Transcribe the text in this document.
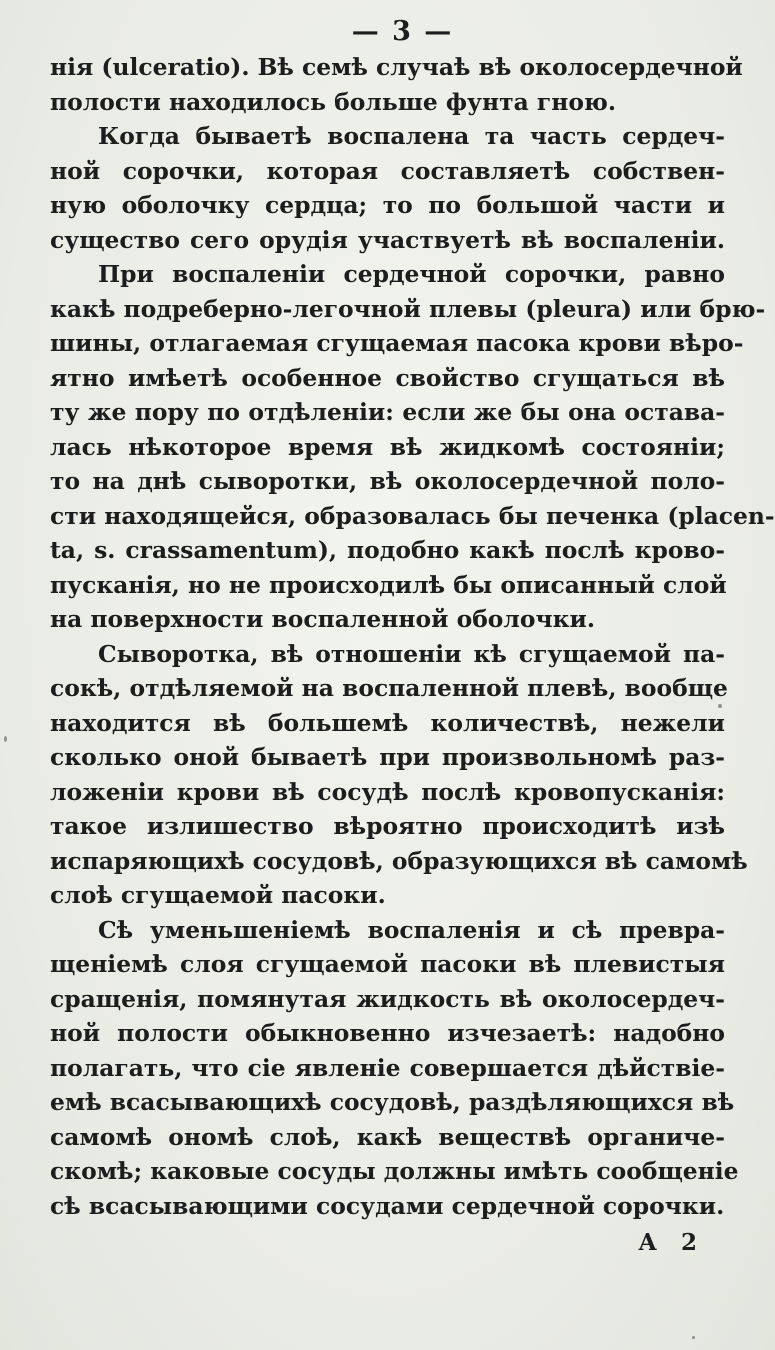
— 3 —
нія (ulceratio). Вѣ семѣ случаѣ вѣ околосердечной
полости находилось больше фунта гною.
Когда бываетѣ воспалена та часть сердеч-
ной сорочки, которая составляетѣ собствен-
ную оболочку сердца; то по большой части и
существо сего орудія участвуетѣ вѣ воспаленіи.
При воспаленіи сердечной сорочки, равно
какѣ подреберно-легочной плевы (pleura) или брю-
шины, отлагаемая сгущаемая пасока крови вѣро-
ятно имѣетѣ особенное свойство сгущаться вѣ
ту же пору по отдѣленіи: если же бы она оставa-
лась нѣкоторое время вѣ жидкомѣ состояніи;
то на днѣ сыворотки, вѣ околосердечной поло-
сти находящейся, образовалась бы печенка (placen-
ta, s. crassamentum), подобно какѣ послѣ крово-
пусканія, но не происходилѣ бы описанный слой
на поверхности воспаленной оболочки.
Сыворотка, вѣ отношеніи кѣ сгущаемой па-
сокѣ, отдѣляемой на воспаленной плевѣ, вообще
находится вѣ большемѣ количествѣ, нежели
сколько оной бываетѣ при произвольномѣ раз-
ложеніи крови вѣ сосудѣ послѣ кровопусканія:
такое излишество вѣроятно происходитѣ изѣ
испаряющихѣ сосудовѣ, образующихся вѣ самомѣ
слоѣ сгущаемой пасоки.
Сѣ уменьшеніемѣ воспаленія и сѣ превра-
щеніемѣ слоя сгущаемой пасоки вѣ плевистыя
сращенія, помянутая жидкость вѣ околосердеч-
ной полости обыкновенно изчезаетѣ: надобно
полагать, что сіе явленіе совершается дѣйствiе-
емѣ всасывающихѣ сосудовѣ, раздѣляющихся вѣ
самомѣ ономѣ слоѣ, какѣ веществѣ органиче-
скомѣ; каковые сосуды должны имѣть сообщеніе
сѣ всасывающими сосудами сердечной сорочки.
А 2
